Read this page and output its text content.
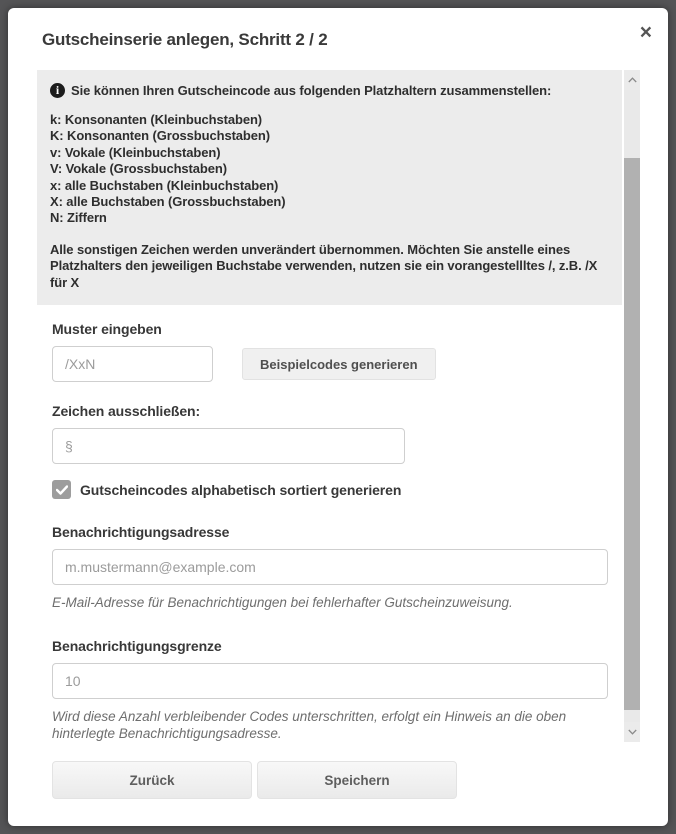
×
Gutscheinserie anlegen, Schritt 2 / 2
i Sie können Ihren Gutscheincode aus folgenden Platzhaltern zusammenstellen:
k: Konsonanten (Kleinbuchstaben)
K: Konsonanten (Grossbuchstaben)
v: Vokale (Kleinbuchstaben)
V: Vokale (Grossbuchstaben)
x: alle Buchstaben (Kleinbuchstaben)
X: alle Buchstaben (Grossbuchstaben)
N: Ziffern

Alle sonstigen Zeichen werden unverändert übernommen. Möchten Sie anstelle eines Platzhalters den jeweiligen Buchstabe verwenden, nutzen sie ein vorangestellltes /, z.B. /X für X

Muster eingeben
/XxN
Beispielcodes generieren
Zeichen ausschließen:
§
Gutscheincodes alphabetisch sortiert generieren
Benachrichtigungsadresse
m.mustermann@example.com

E-Mail-Adresse für Benachrichtigungen bei fehlerhafter Gutscheinzuweisung.

Benachrichtigungsgrenze
10

Wird diese Anzahl verbleibender Codes unterschritten, erfolgt ein Hinweis an die oben hinterlegte Benachrichtigungsadresse.

Zurück	Speichern
